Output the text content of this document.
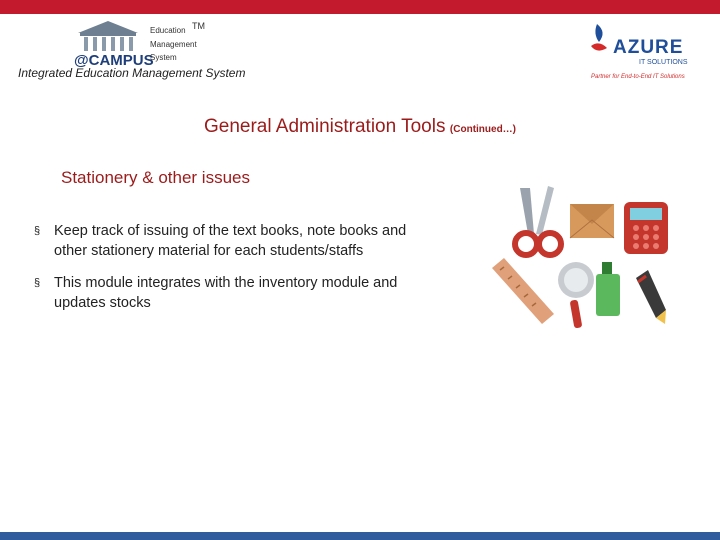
@CAMPUS
Education TM
Management
System
Integrated Education Management System
AZURE
IT SOLUTIONS
Partner for End-to-End IT Solutions
General Administration Tools (Continued…)
Stationery & other issues
§ Keep track of issuing of the text books, note books and other stationery material for each students/staffs
§ This module integrates with the inventory module and updates stocks
